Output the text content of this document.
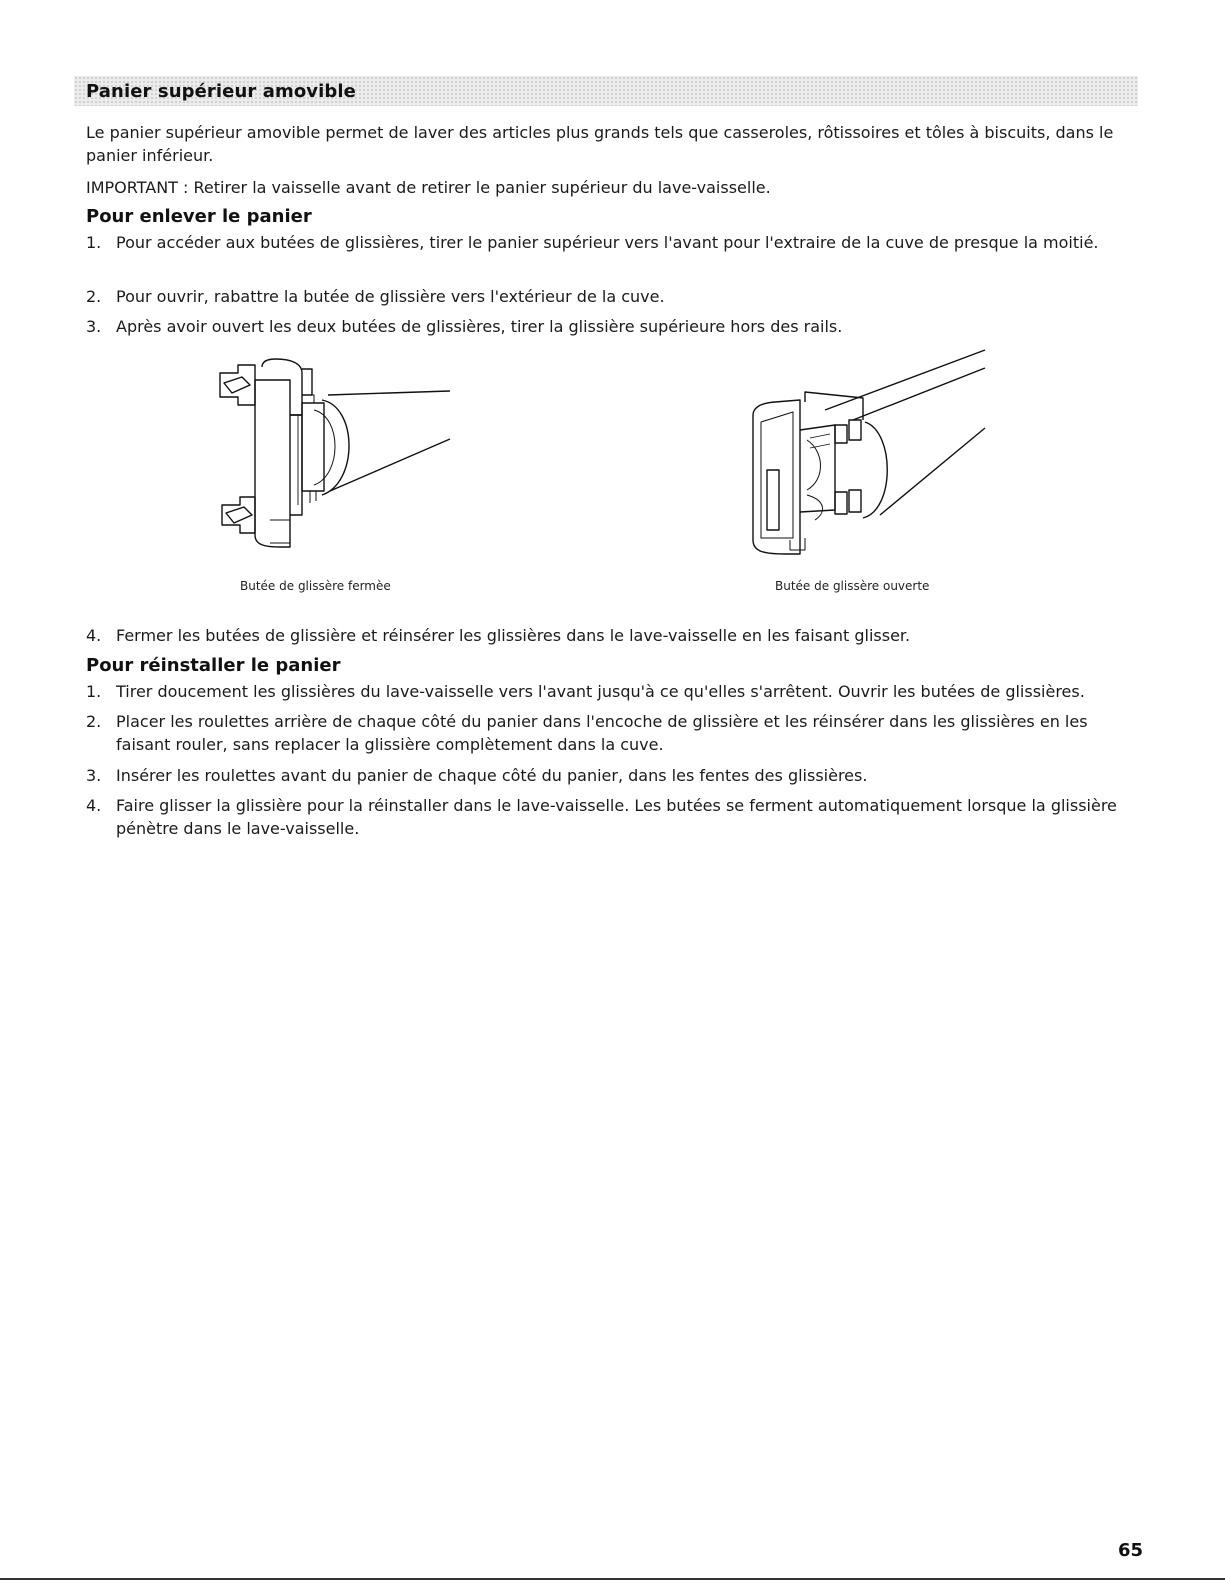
Panier supérieur amovible

Le panier supérieur amovible permet de laver des articles plus grands tels que casseroles, rôtissoires et tôles à biscuits, dans le panier inférieur.

IMPORTANT : Retirer la vaisselle avant de retirer le panier supérieur du lave-vaisselle.

Pour enlever le panier
1. Pour accéder aux butées de glissières, tirer le panier supérieur vers l'avant pour l'extraire de la cuve de presque la moitié.
2. Pour ouvrir, rabattre la butée de glissière vers l'extérieur de la cuve.
3. Après avoir ouvert les deux butées de glissières, tirer la glissière supérieure hors des rails.
Butée de glissère fermèe	Butée de glissère ouverte
4. Fermer les butées de glissière et réinsérer les glissières dans le lave-vaisselle en les faisant glisser.
Pour réinstaller le panier
1. Tirer doucement les glissières du lave-vaisselle vers l'avant jusqu'à ce qu'elles s'arrêtent. Ouvrir les butées de glissières.
2. Placer les roulettes arrière de chaque côté du panier dans l'encoche de glissière et les réinsérer dans les glissières en les faisant rouler, sans replacer la glissière complètement dans la cuve.
3. Insérer les roulettes avant du panier de chaque côté du panier, dans les fentes des glissières.
4. Faire glisser la glissière pour la réinstaller dans le lave-vaisselle. Les butées se ferment automatiquement lorsque la glissière pénètre dans le lave-vaisselle.
65
